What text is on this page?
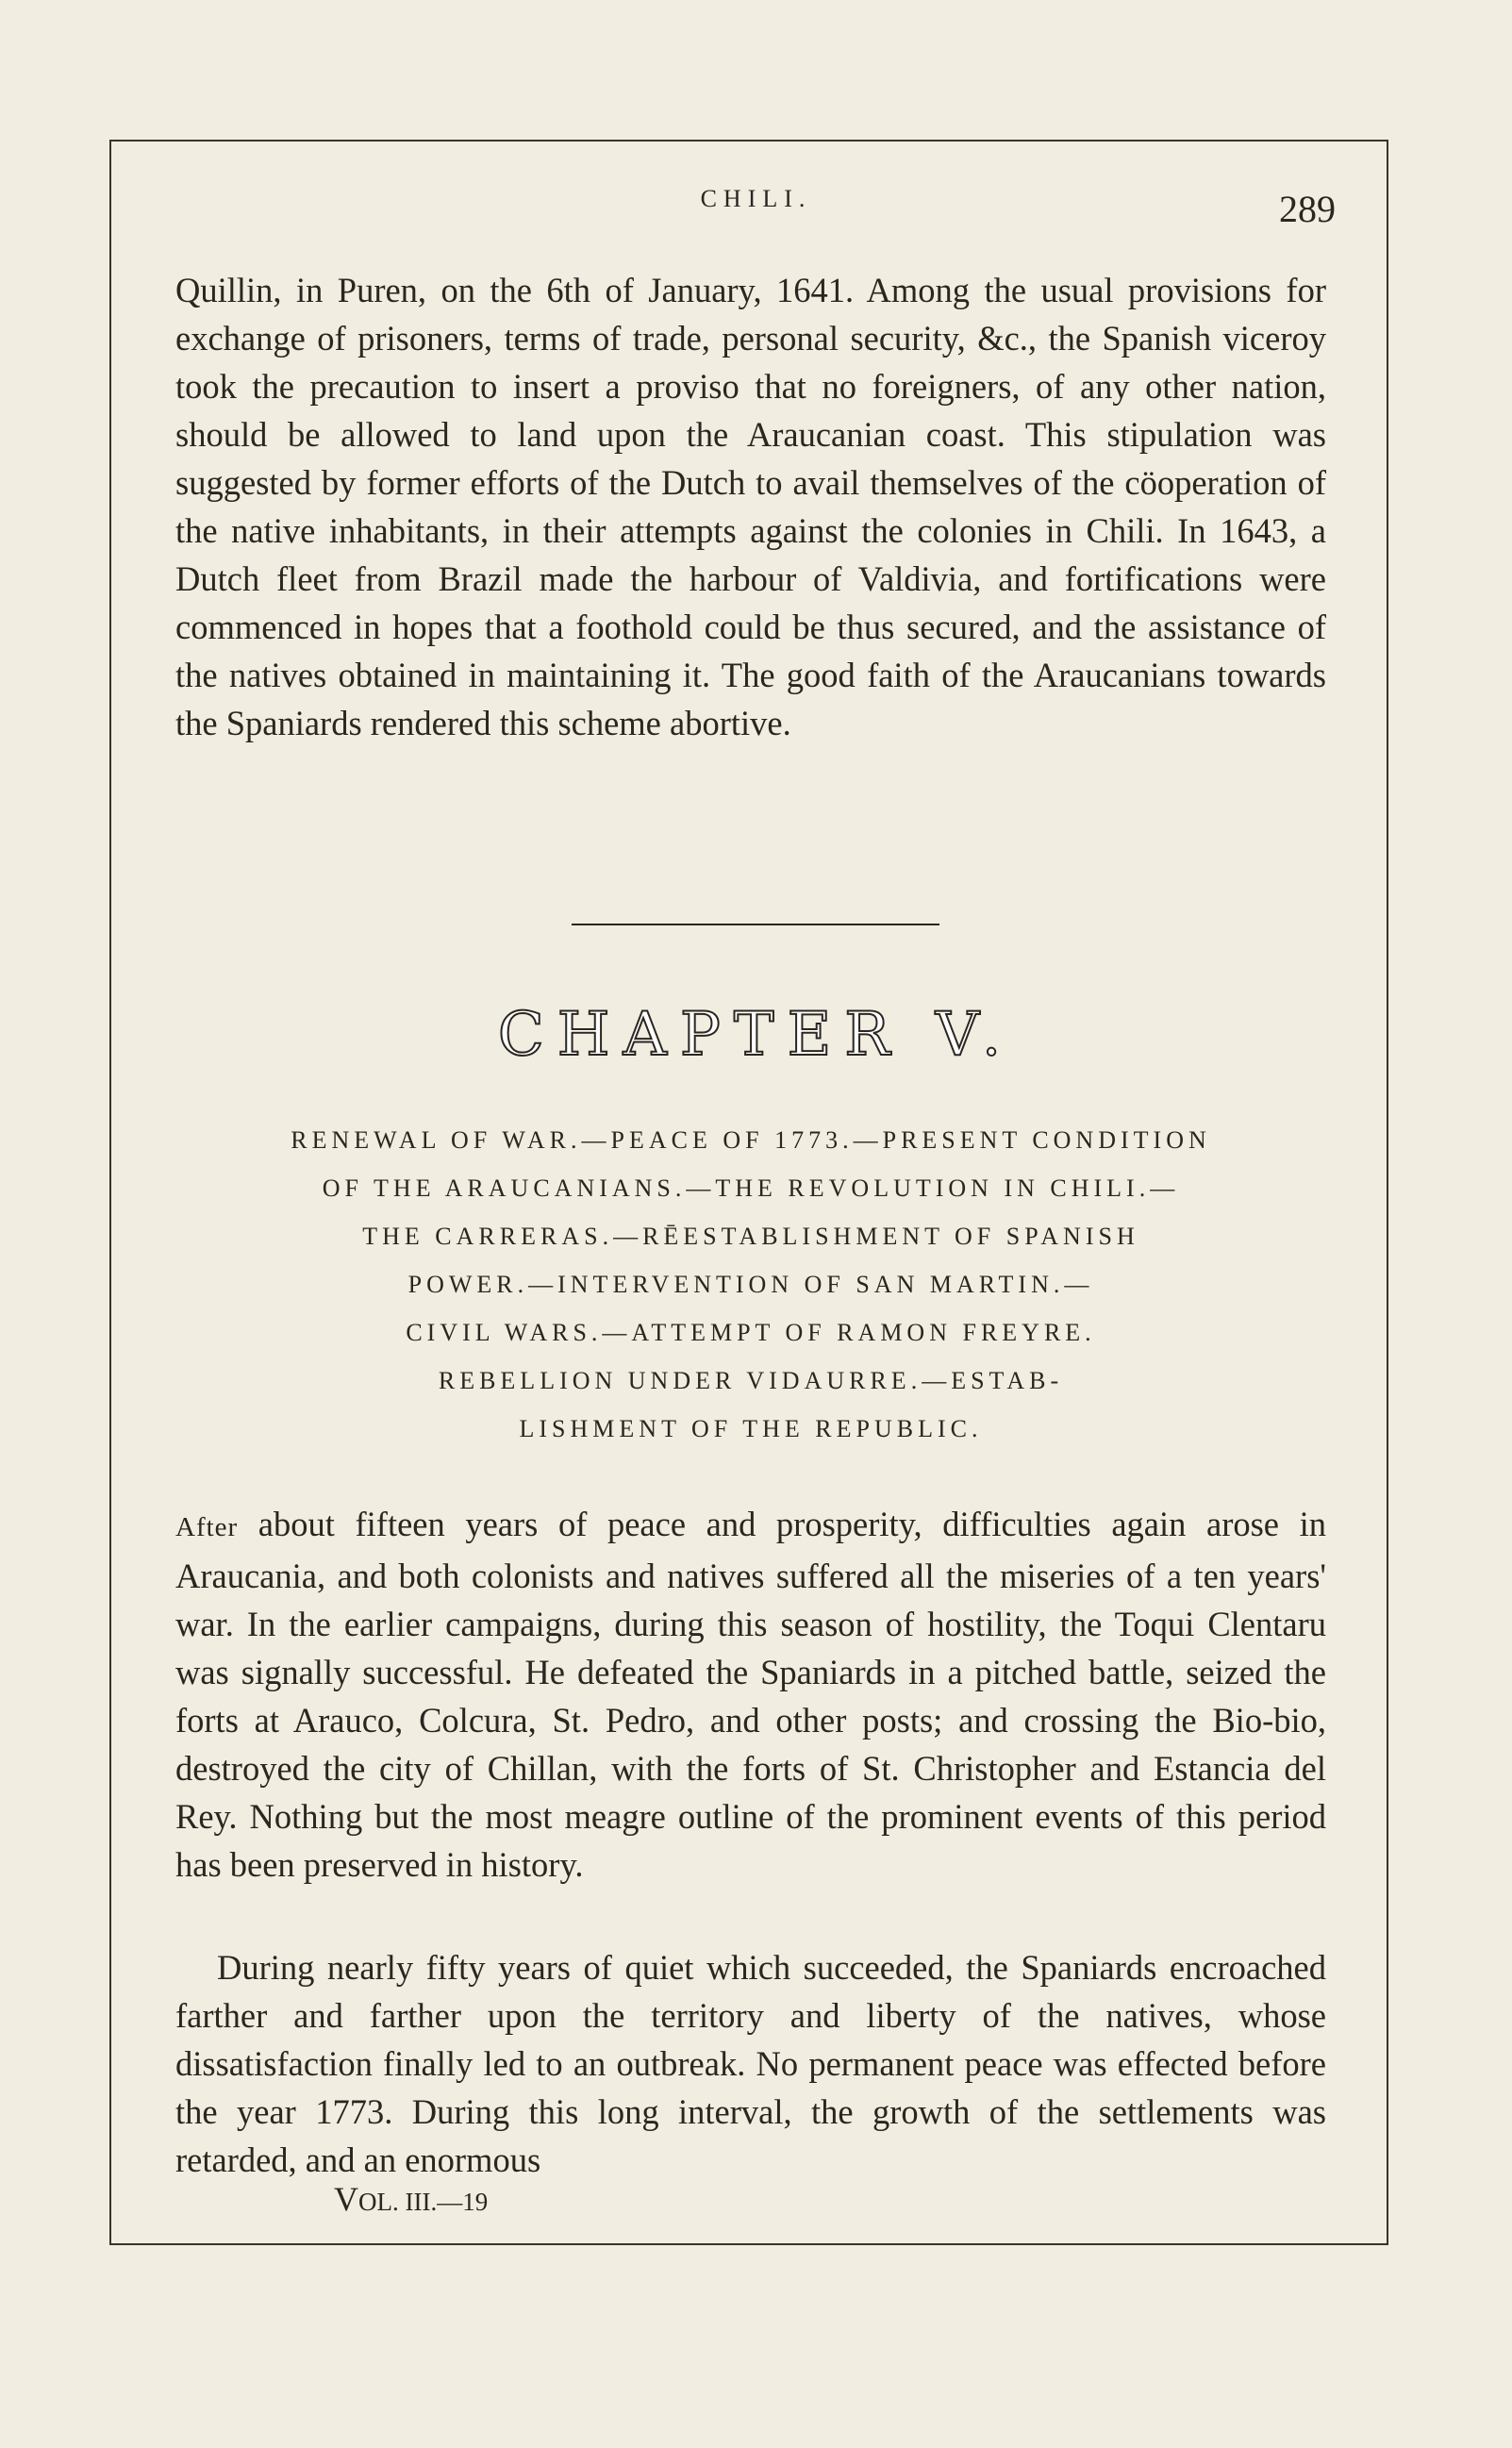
CHILI.	289

Quillin, in Puren, on the 6th of January, 1641. Among the usual provisions for exchange of prisoners, terms of trade, personal security, &c., the Spanish viceroy took the precaution to insert a proviso that no foreigners, of any other nation, should be allowed to land upon the Araucanian coast. This stipulation was suggested by former efforts of the Dutch to avail themselves of the cöoperation of the native inhabitants, in their attempts against the colonies in Chili. In 1643, a Dutch fleet from Brazil made the harbour of Valdivia, and fortifications were commenced in hopes that a foothold could be thus secured, and the assistance of the natives obtained in maintaining it. The good faith of the Araucanians towards the Spaniards rendered this scheme abortive.

CHAPTER V.
RENEWAL OF WAR.—PEACE OF 1773.—PRESENT CONDITION
OF THE ARAUCANIANS.—THE REVOLUTION IN CHILI.—
THE CARRERAS.—RĒESTABLISHMENT OF SPANISH
POWER.—INTERVENTION OF SAN MARTIN.—
CIVIL WARS.—ATTEMPT OF RAMON FREYRE.
REBELLION UNDER VIDAURRE.—ESTAB-
LISHMENT OF THE REPUBLIC.

After about fifteen years of peace and prosperity, difficulties again arose in Araucania, and both colonists and natives suffered all the miseries of a ten years' war. In the earlier campaigns, during this season of hostility, the Toqui Clentaru was signally successful. He defeated the Spaniards in a pitched battle, seized the forts at Arauco, Colcura, St. Pedro, and other posts; and crossing the Bio-bio, destroyed the city of Chillan, with the forts of St. Christopher and Estancia del Rey. Nothing but the most meagre outline of the prominent events of this period has been preserved in history.

During nearly fifty years of quiet which succeeded, the Spaniards encroached farther and farther upon the territory and liberty of the natives, whose dissatisfaction finally led to an outbreak. No permanent peace was effected before the year 1773. During this long interval, the growth of the settlements was retarded, and an enormous

VOL. III.—19
